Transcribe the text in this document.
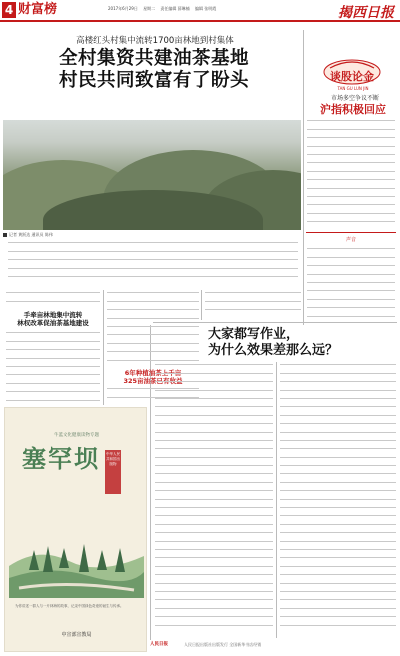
4 财富榜	2017年6月29日 星期二 责任编辑 薛琳楠 编辑 张明霞	揭西日报
高楼红头村集中流转1700亩林地到村集体
全村集资共建油茶基地
村民共同致富有了盼头
记者 黄跃达 通讯员 陈伟
手牵亩林地集中流转
林权改革促油茶基地建设
6年种植油茶上千亩
325亩油茶已有收益
谈股论金
TAN GU LUN JIN
市场多空争议不断
沪指积极回应
声音
大家都写作业，
为什么效果差那么远？
牛蓝文化健康读物专题
塞罕坝	中华人民共和国出版物
为你讲述一群人与一片林海的故事，记录中国绿色奇迹的诞生与传承。
中宣部宣教局
人民日报	人民日报出版社出版发行 全国新华书店经销
